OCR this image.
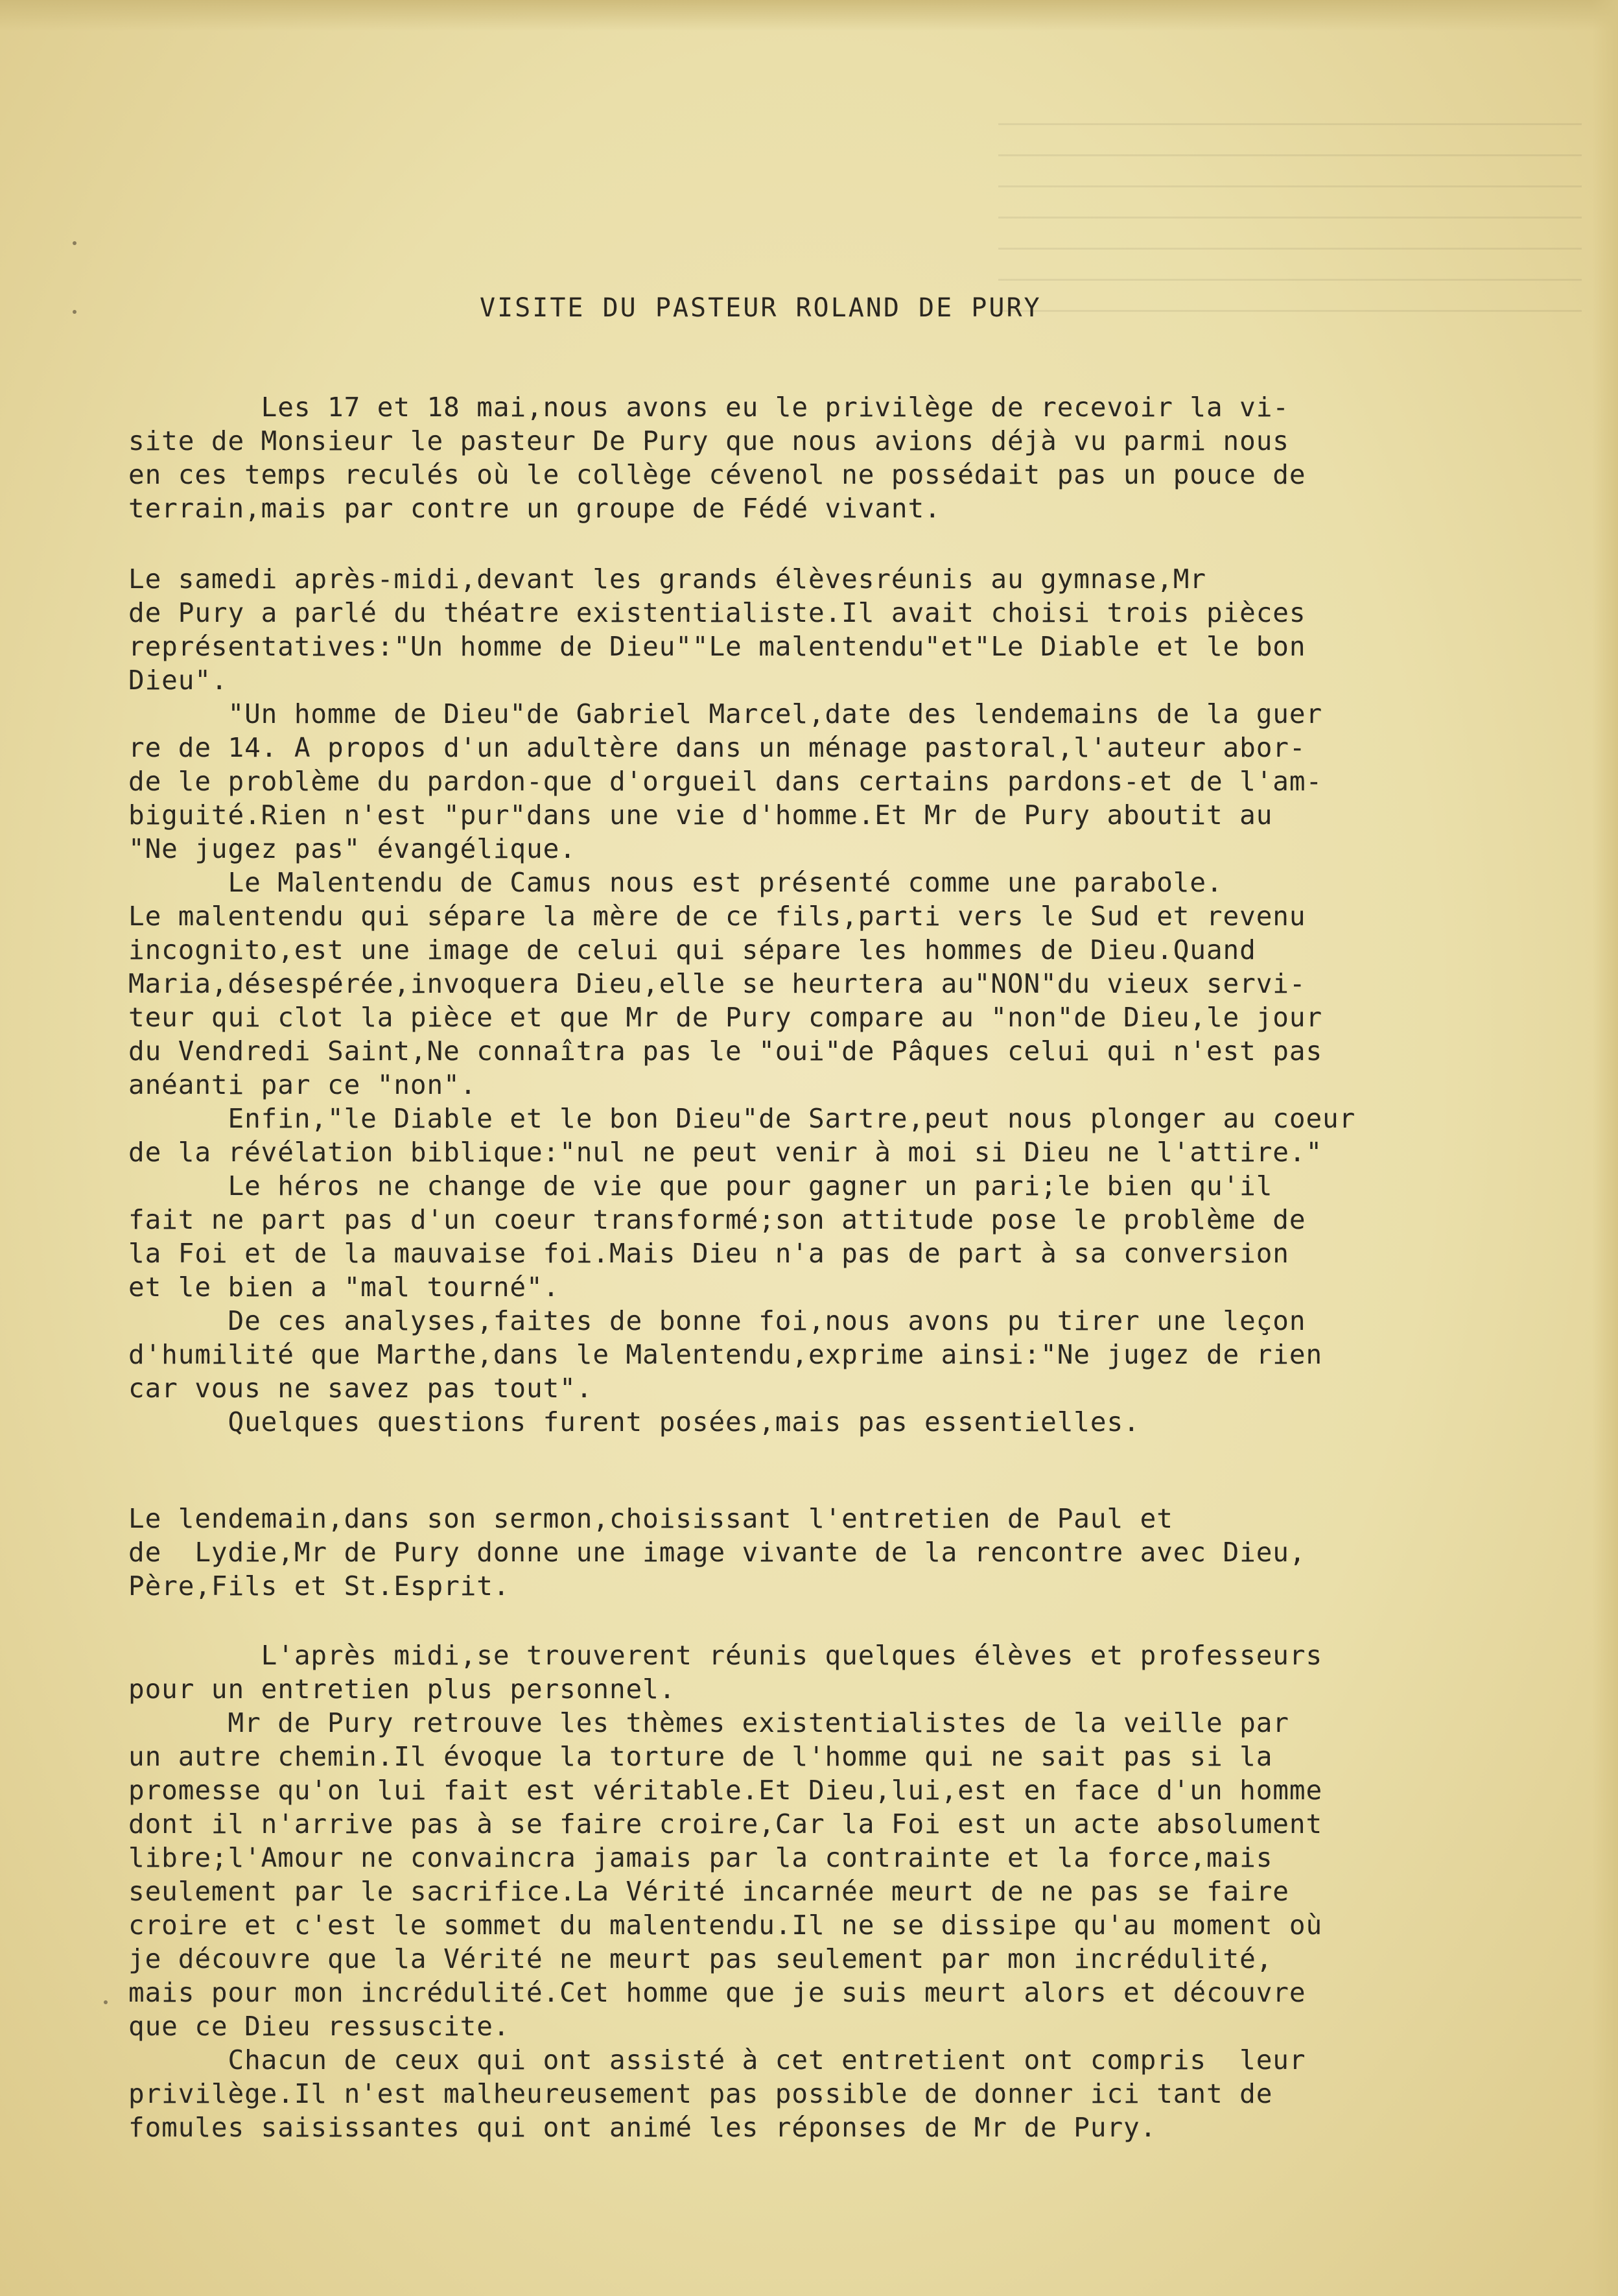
VISITE DU PASTEUR ROLAND DE PURY
Les 17 et 18 mai,nous avons eu le privilège de recevoir la vi-
site de Monsieur le pasteur De Pury que nous avions déjà vu parmi nous
en ces temps reculés où le collège cévenol ne possédait pas un pouce de
terrain,mais par contre un groupe de Fédé vivant.
Le samedi après-midi,devant les grands élèvesréunis au gymnase,Mr
de Pury a parlé du théatre existentialiste.Il avait choisi trois pièces
représentatives:"Un homme de Dieu""Le malentendu"et"Le Diable et le bon
Dieu".
"Un homme de Dieu"de Gabriel Marcel,date des lendemains de la guer
re de 14. A propos d'un adultère dans un ménage pastoral,l'auteur abor-
de le problème du pardon-que d'orgueil dans certains pardons-et de l'am-
biguité.Rien n'est "pur"dans une vie d'homme.Et Mr de Pury aboutit au
"Ne jugez pas" évangélique.
Le Malentendu de Camus nous est présenté comme une parabole.
Le malentendu qui sépare la mère de ce fils,parti vers le Sud et revenu
incognito,est une image de celui qui sépare les hommes de Dieu.Quand
Maria,désespérée,invoquera Dieu,elle se heurtera au"NON"du vieux servi-
teur qui clot la pièce et que Mr de Pury compare au "non"de Dieu,le jour
du Vendredi Saint,Ne connaîtra pas le "oui"de Pâques celui qui n'est pas
anéanti par ce "non".
Enfin,"le Diable et le bon Dieu"de Sartre,peut nous plonger au coeur
de la révélation biblique:"nul ne peut venir à moi si Dieu ne l'attire."
Le héros ne change de vie que pour gagner un pari;le bien qu'il
fait ne part pas d'un coeur transformé;son attitude pose le problème de
la Foi et de la mauvaise foi.Mais Dieu n'a pas de part à sa conversion
et le bien a "mal tourné".
De ces analyses,faites de bonne foi,nous avons pu tirer une leçon
d'humilité que Marthe,dans le Malentendu,exprime ainsi:"Ne jugez de rien
car vous ne savez pas tout".
Quelques questions furent posées,mais pas essentielles.
Le lendemain,dans son sermon,choisissant l'entretien de Paul et
de  Lydie,Mr de Pury donne une image vivante de la rencontre avec Dieu,
Père,Fils et St.Esprit.
L'après midi,se trouverent réunis quelques élèves et professeurs
pour un entretien plus personnel.
Mr de Pury retrouve les thèmes existentialistes de la veille par
un autre chemin.Il évoque la torture de l'homme qui ne sait pas si la
promesse qu'on lui fait est véritable.Et Dieu,lui,est en face d'un homme
dont il n'arrive pas à se faire croire,Car la Foi est un acte absolument
libre;l'Amour ne convaincra jamais par la contrainte et la force,mais
seulement par le sacrifice.La Vérité incarnée meurt de ne pas se faire
croire et c'est le sommet du malentendu.Il ne se dissipe qu'au moment où
je découvre que la Vérité ne meurt pas seulement par mon incrédulité,
mais pour mon incrédulité.Cet homme que je suis meurt alors et découvre
que ce Dieu ressuscite.
Chacun de ceux qui ont assisté à cet entretient ont compris  leur
privilège.Il n'est malheureusement pas possible de donner ici tant de
fomules saisissantes qui ont animé les réponses de Mr de Pury.
